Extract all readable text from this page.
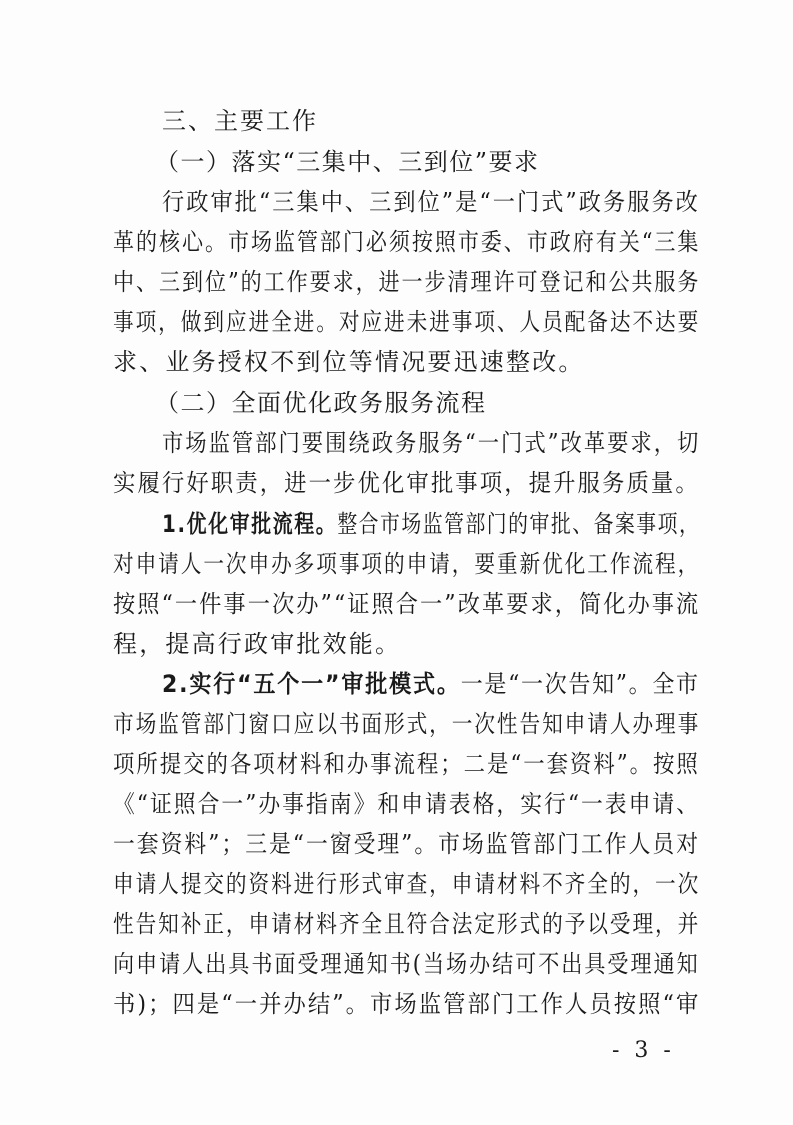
三、主要工作
（一）落实“三集中、三到位”要求
行政审批“三集中、三到位”是“一门式”政务服务改
革的核心。市场监管部门必须按照市委、市政府有关“三集
中、三到位”的工作要求，进一步清理许可登记和公共服务
事项，做到应进全进。对应进未进事项、人员配备达不达要
求、业务授权不到位等情况要迅速整改。
（二）全面优化政务服务流程
市场监管部门要围绕政务服务“一门式”改革要求，切
实履行好职责，进一步优化审批事项，提升服务质量。
1.优化审批流程。整合市场监管部门的审批、备案事项，
对申请人一次申办多项事项的申请，要重新优化工作流程，
按照“一件事一次办”“证照合一”改革要求，简化办事流
程，提高行政审批效能。
2.实行“五个一”审批模式。一是“一次告知”。全市
市场监管部门窗口应以书面形式，一次性告知申请人办理事
项所提交的各项材料和办事流程；二是“一套资料”。按照
《“证照合一”办事指南》和申请表格，实行“一表申请、
一套资料”；三是“一窗受理”。市场监管部门工作人员对
申请人提交的资料进行形式审查，申请材料不齐全的，一次
性告知补正，申请材料齐全且符合法定形式的予以受理，并
向申请人出具书面受理通知书(当场办结可不出具受理通知
书)；四是“一并办结”。市场监管部门工作人员按照“审
- 3 -
